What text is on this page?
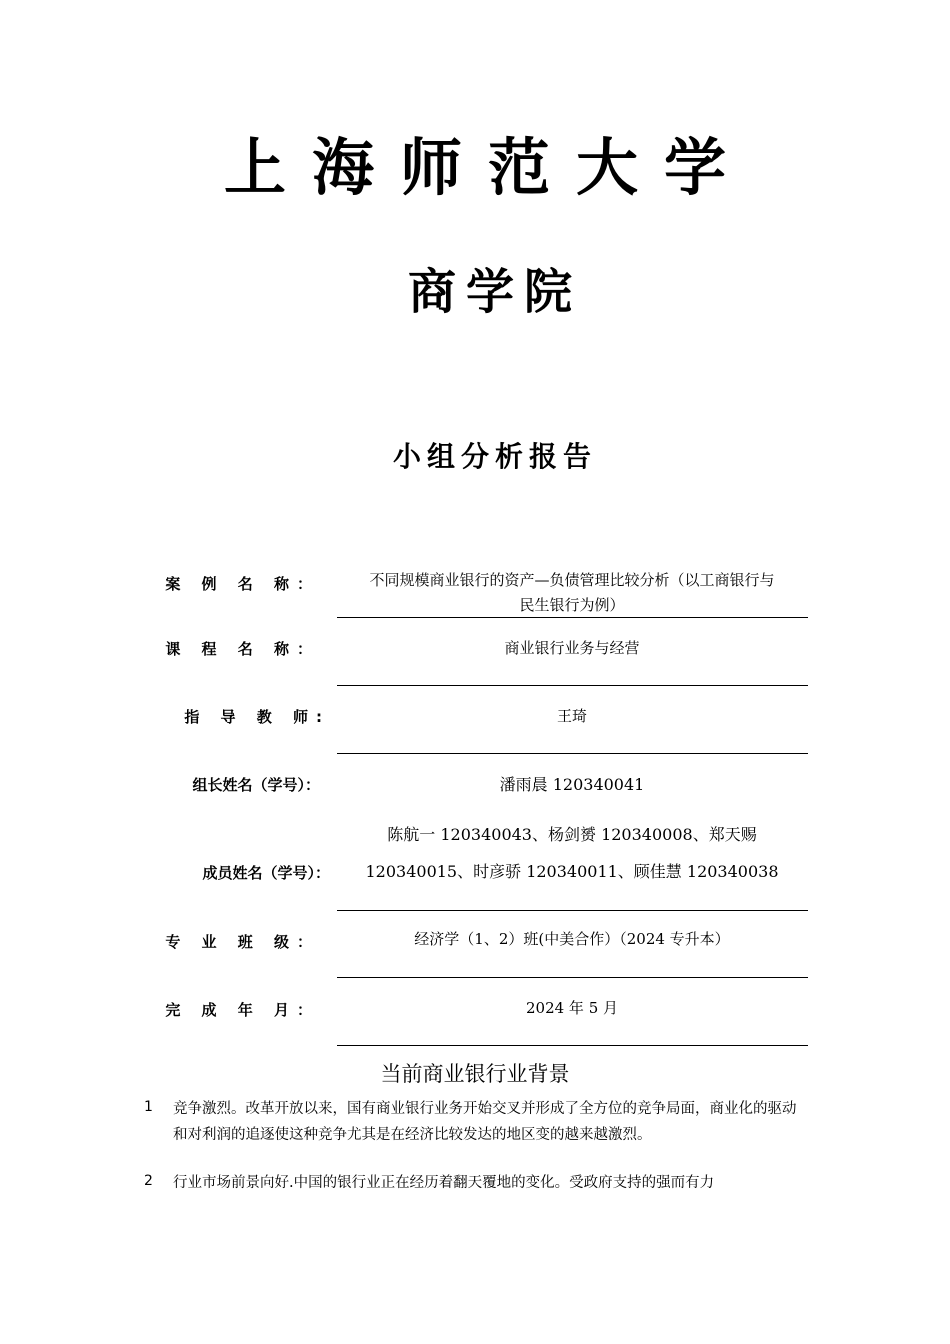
上海师范大学
商学院
小组分析报告
案 例 名 称：	不同规模商业银行的资产—负债管理比较分析（以工商银行与
民生银行为例）
课 程 名 称：	商业银行业务与经营
指 导 教 师:	王琦
组长姓名（学号）：	潘雨晨 120340041
成员姓名（学号）：
陈航一 120340043、杨剑赟 120340008、郑天赐
120340015、时彦骄 120340011、顾佳慧 120340038
专 业 班 级：	经济学（1、2）班(中美合作）（2024 专升本）
完 成 年 月：	2024 年 5 月
当前商业银行业背景
1 竞争激烈。改革开放以来，国有商业银行业务开始交叉并形成了全方位的竞争局面，商业化的驱动和对利润的追逐使这种竞争尤其是在经济比较发达的地区变的越来越激烈。
2 行业市场前景向好.中国的银行业正在经历着翻天覆地的变化。受政府支持的强而有力
